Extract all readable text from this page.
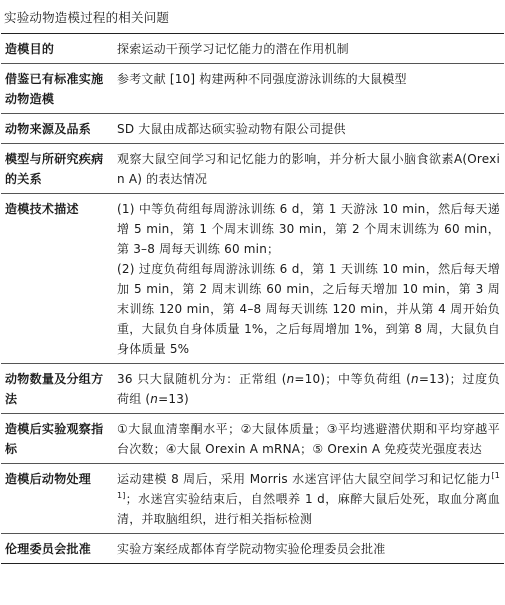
实验动物造模过程的相关问题
造模目的	探索运动干预学习记忆能力的潜在作用机制
借鉴已有标准实施动物造模	参考文献 [10] 构建两种不同强度游泳训练的大鼠模型
动物来源及品系	SD 大鼠由成都达硕实验动物有限公司提供
模型与所研究疾病的关系	观察大鼠空间学习和记忆能力的影响，并分析大鼠小脑食欲素A(Orexin A) 的表达情况
造模技术描述	(1) 中等负荷组每周游泳训练 6 d，第 1 天游泳 10 min，然后每天递增 5 min，第 1 个周末训练 30 min，第 2 个周末训练为 60 min，第 3–8 周每天训练 60 min；
(2) 过度负荷组每周游泳训练 6 d，第 1 天训练 10 min，然后每天增加 5 min，第 2 周末训练 60 min，之后每天增加 10 min，第 3 周末训练 120 min，第 4–8 周每天训练 120 min，并从第 4 周开始负重，大鼠负自身体质量 1%，之后每周增加 1%，到第 8 周，大鼠负自身体质量 5%

动物数量及分组方法	36 只大鼠随机分为：正常组 (n=10)；中等负荷组 (n=13)；过度负荷组 (n=13)
造模后实验观察指标	①大鼠血清睾酮水平；②大鼠体质量；③平均逃避潜伏期和平均穿越平台次数；④大鼠 Orexin A mRNA；⑤ Orexin A 免疫荧光强度表达
造模后动物处理	运动建模 8 周后，采用 Morris 水迷宫评估大鼠空间学习和记忆能力[11]；水迷宫实验结束后，自然喂养 1 d，麻醉大鼠后处死，取血分离血清，并取脑组织，进行相关指标检测
伦理委员会批准	实验方案经成都体育学院动物实验伦理委员会批准
